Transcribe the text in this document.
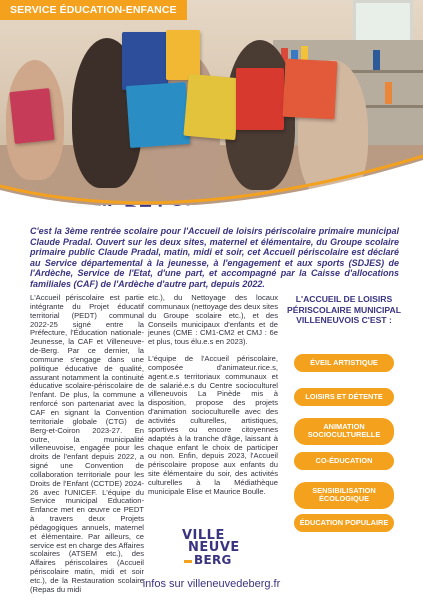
SERVICE ÉDUCATION-ENFANCE
C'est la 3ème rentrée scolaire pour l'Accueil de loisirs périscolaire primaire municipal Claude Pradal. Ouvert sur les deux sites, maternel et élémentaire, du Groupe scolaire primaire public Claude Pradal, matin, midi et soir, cet Accueil périscolaire est déclaré au Service départemental à la jeunesse, à l'engagement et aux sports (SDJES) de l'Ardèche, Service de l'Etat, d'une part, et accompagné par la Caisse d'allocations familiales (CAF) de l'Ardèche d'autre part, depuis 2022.

L'Accueil périscolaire est partie intégrante du Projet éducatif territorial (PEDT) communal 2022-25 signé entre la Préfecture, l'Éducation nationale-Jeunesse, la CAF et Villeneuve-de-Berg. Par ce dernier, la commune s'engage dans une politique éducative de qualité, assurant notamment la continuité éducative scolaire-périscolaire de l'enfant. De plus, la commune a renforcé son partenariat avec la CAF en signant la Convention territoriale globale (CTG) de Berg-et-Coiron 2023-27. En outre, la municipalité villeneuvoise, engagée pour les droits de l'enfant depuis 2022, a signé une Convention de collaboration territoriale pour les Droits de l'Enfant (CCTDE) 2024-26 avec l'UNICEF. L'équipe du Service municipal Education-Enfance met en œuvre ce PEDT à travers deux Projets pédagogiques annuels, maternel et élémentaire. Par ailleurs, ce service est en charge des Affaires scolaires (ATSEM etc.), des Affaires périscolaires (Accueil périscolaire matin, midi et soir etc.), de la Restauration scolaire (Repas du midi

etc.), du Nettoyage des locaux communaux (nettoyage des deux sites du Groupe scolaire etc.), et des Conseils municipaux d'enfants et de jeunes (CME : CM1-CM2 et CMJ : 6e et plus, tous élu.e.s en 2023).

L'équipe de l'Accueil périscolaire, composée d'animateur.rice.s, agent.e.s territoriaux communaux et de salarié.e.s du Centre socioculturel villeneuvois La Pinède mis à disposition, propose des projets d'animation socioculturelle avec des activités culturelles, artistiques, sportives ou encore citoyennes adaptés à la tranche d'âge, laissant à chaque enfant le choix de participer ou non. Enfin, depuis 2023, l'Accueil périscolaire propose aux enfants du site élémentaire du soir, des activités culturelles à la Médiathèque municipale Elise et Maurice Boulle.

L'ACCUEIL DE LOISIRS PÉRISCOLAIRE MUNICIPAL VILLENEUVOIS C'EST :
ÉVEIL ARTISTIQUE
LOISIRS ET DÉTENTE
ANIMATION SOCIOCULTURELLE
CO-ÉDUCATION
SENSIBILISATION ÉCOLOGIQUE
ÉDUCATION POPULAIRE
VILLE
NEUVE
BERG
infos sur villeneuvedeberg.fr
